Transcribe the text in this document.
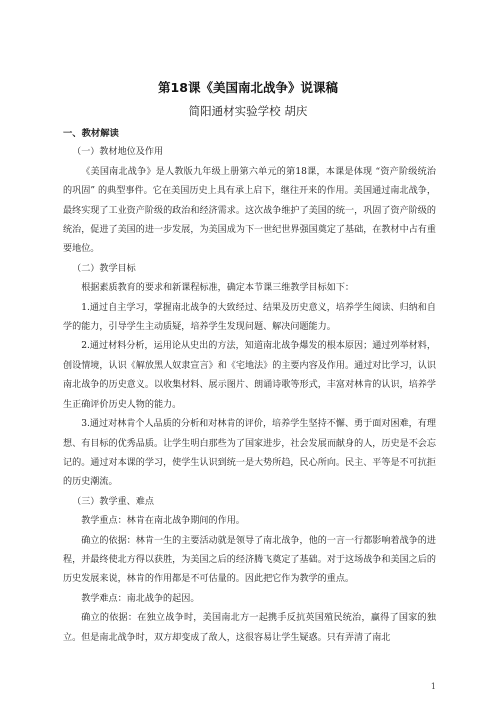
第18课《美国南北战争》说课稿
简阳通材实验学校 胡庆

一、教材解读

（一）教材地位及作用

《美国南北战争》是人教版九年级上册第六单元的第18课，本课是体现 “资产阶级统治的巩固” 的典型事件。它在美国历史上具有承上启下，继往开来的作用。美国通过南北战争，最终实现了工业资产阶级的政治和经济需求。这次战争维护了美国的统一，巩固了资产阶级的统治，促进了美国的进一步发展，为美国成为下一世纪世界强国奠定了基础，在教材中占有重要地位。

（二）教学目标

根据素质教育的要求和新课程标准，确定本节课三维教学目标如下：

1.通过自主学习，掌握南北战争的大致经过、结果及历史意义，培养学生阅读、归纳和自学的能力，引导学生主动质疑，培养学生发现问题、解决问题能力。

2.通过材料分析，运用论从史出的方法，知道南北战争爆发的根本原因；通过列举材料，创设情境，认识《解放黑人奴隶宣言》和《宅地法》的主要内容及作用。通过对比学习，认识南北战争的历史意义。以收集材料、展示图片、朗诵诗歌等形式，丰富对林肯的认识，培养学生正确评价历史人物的能力。

3.通过对林肯个人品质的分析和对林肯的评价，培养学生坚持不懈、勇于面对困难，有理想、有目标的优秀品质。让学生明白那些为了国家进步，社会发展而献身的人，历史是不会忘记的。通过对本课的学习，使学生认识到统一是大势所趋，民心所向。民主、平等是不可抗拒的历史潮流。

（三）教学重、难点

教学重点：林肯在南北战争期间的作用。

确立的依据：林肯一生的主要活动就是领导了南北战争，他的一言一行都影响着战争的进程，并最终使北方得以获胜，为美国之后的经济腾飞奠定了基础。对于这场战争和美国之后的历史发展来说，林肯的作用都是不可估量的。因此把它作为教学的重点。

教学难点：南北战争的起因。

确立的依据：在独立战争时，美国南北方一起携手反抗英国殖民统治，赢得了国家的独立。但是南北战争时，双方却变成了敌人，这很容易让学生疑惑。只有弄清了南北

1
